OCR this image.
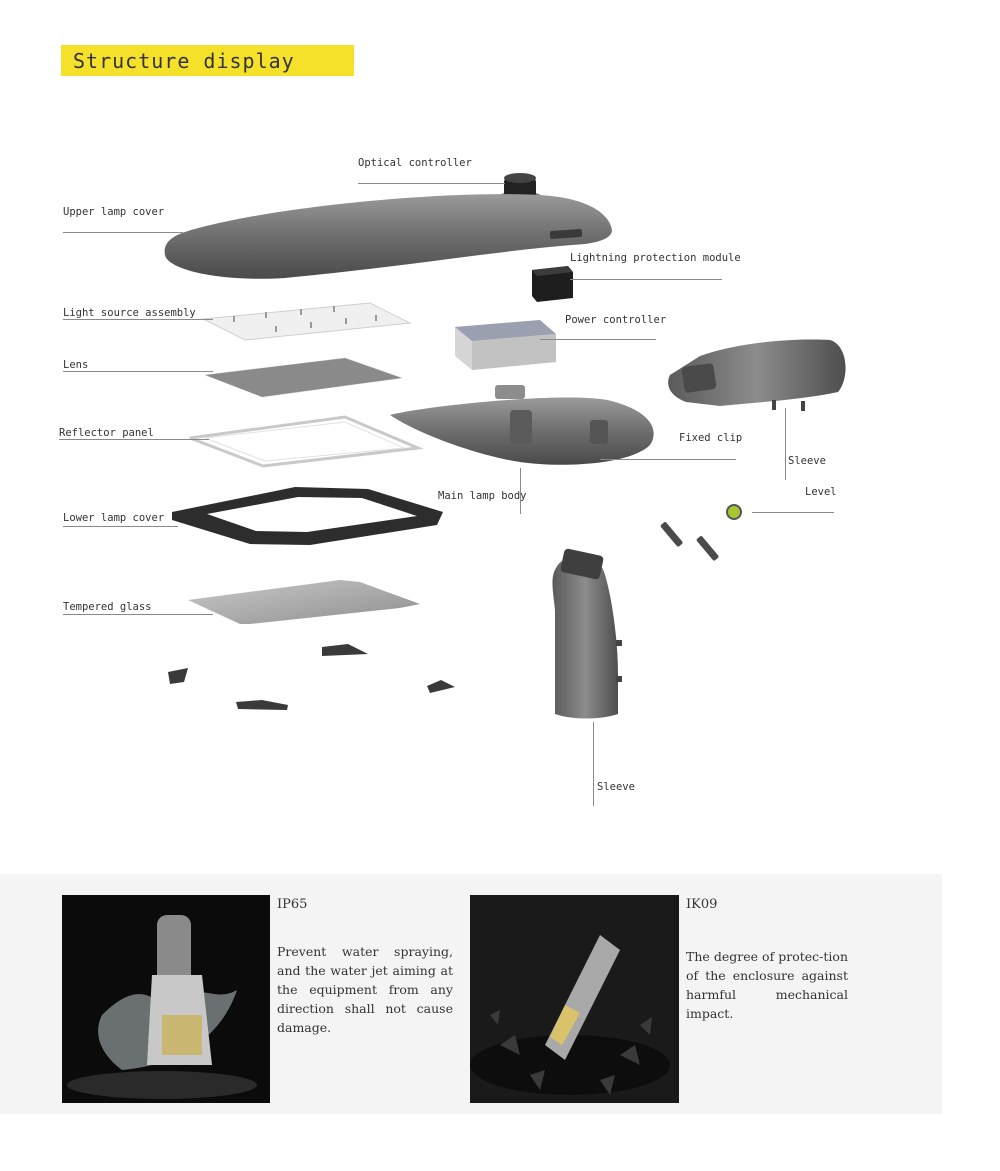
Structure display
Optical controller
Upper lamp cover
Lightning protection module
Light source assembly
Power controller
Lens
Reflector panel	Fixed clip
Sleeve
Main lamp body	Level
Lower lamp cover
Tempered glass
Sleeve
IP65
Prevent water spraying, and the water jet aiming at the equipment from any direction shall not cause damage.
IK09
The degree of protec-tion of the enclosure against harmful mechanical impact.
